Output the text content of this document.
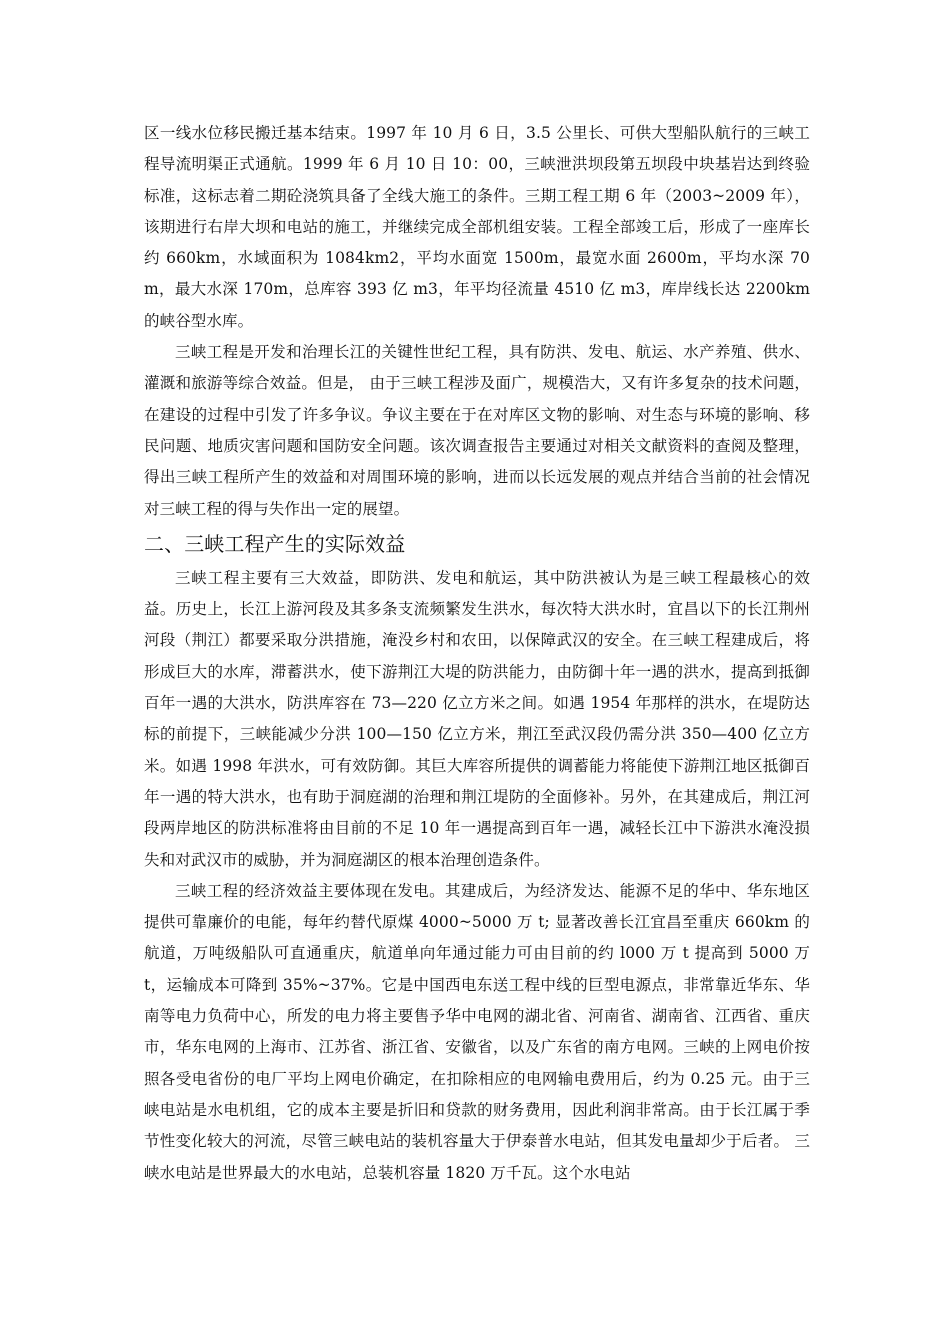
区一线水位移民搬迁基本结束。1997 年 10 月 6 日，3.5 公里长、可供大型船队航行的三峡工程导流明渠正式通航。1999 年 6 月 10 日 10：00，三峡泄洪坝段第五坝段中块基岩达到终验标准，这标志着二期砼浇筑具备了全线大施工的条件。三期工程工期 6 年（2003~2009 年），该期进行右岸大坝和电站的施工，并继续完成全部机组安装。工程全部竣工后，形成了一座库长约 660km，水域面积为 1084km2，平均水面宽 1500m，最宽水面 2600m，平均水深 70m，最大水深 170m，总库容 393 亿 m3，年平均径流量 4510 亿 m3，库岸线长达 2200km 的峡谷型水库。

三峡工程是开发和治理长江的关键性世纪工程，具有防洪、发电、航运、水产养殖、供水、灌溉和旅游等综合效益。但是， 由于三峡工程涉及面广，规模浩大，又有许多复杂的技术问题，在建设的过程中引发了许多争议。争议主要在于在对库区文物的影响、对生态与环境的影响、移民问题、地质灾害问题和国防安全问题。该次调查报告主要通过对相关文献资料的查阅及整理，得出三峡工程所产生的效益和对周围环境的影响，进而以长远发展的观点并结合当前的社会情况对三峡工程的得与失作出一定的展望。

二、三峡工程产生的实际效益

三峡工程主要有三大效益，即防洪、发电和航运，其中防洪被认为是三峡工程最核心的效益。历史上，长江上游河段及其多条支流频繁发生洪水，每次特大洪水时，宜昌以下的长江荆州河段（荆江）都要采取分洪措施，淹没乡村和农田，以保障武汉的安全。在三峡工程建成后，将形成巨大的水库，滞蓄洪水，使下游荆江大堤的防洪能力，由防御十年一遇的洪水，提高到抵御百年一遇的大洪水，防洪库容在 73—220 亿立方米之间。如遇 1954 年那样的洪水，在堤防达标的前提下，三峡能减少分洪 100—150 亿立方米，荆江至武汉段仍需分洪 350—400 亿立方米。如遇 1998 年洪水，可有效防御。其巨大库容所提供的调蓄能力将能使下游荆江地区抵御百年一遇的特大洪水，也有助于洞庭湖的治理和荆江堤防的全面修补。另外，在其建成后，荆江河段两岸地区的防洪标准将由目前的不足 10 年一遇提高到百年一遇，减轻长江中下游洪水淹没损失和对武汉市的威胁，并为洞庭湖区的根本治理创造条件。

三峡工程的经济效益主要体现在发电。其建成后，为经济发达、能源不足的华中、华东地区提供可靠廉价的电能，每年约替代原煤 4000~5000 万 t; 显著改善长江宜昌至重庆 660km 的航道，万吨级船队可直通重庆，航道单向年通过能力可由目前的约 l000 万 t 提高到 5000 万 t，运输成本可降到 35%~37%。它是中国西电东送工程中线的巨型电源点，非常靠近华东、华南等电力负荷中心，所发的电力将主要售予华中电网的湖北省、河南省、湖南省、江西省、重庆市，华东电网的上海市、江苏省、浙江省、安徽省，以及广东省的南方电网。三峡的上网电价按照各受电省份的电厂平均上网电价确定，在扣除相应的电网输电费用后，约为 0.25 元。由于三峡电站是水电机组，它的成本主要是折旧和贷款的财务费用，因此利润非常高。由于长江属于季节性变化较大的河流，尽管三峡电站的装机容量大于伊泰普水电站，但其发电量却少于后者。 三峡水电站是世界最大的水电站，总装机容量 1820 万千瓦。这个水电站
